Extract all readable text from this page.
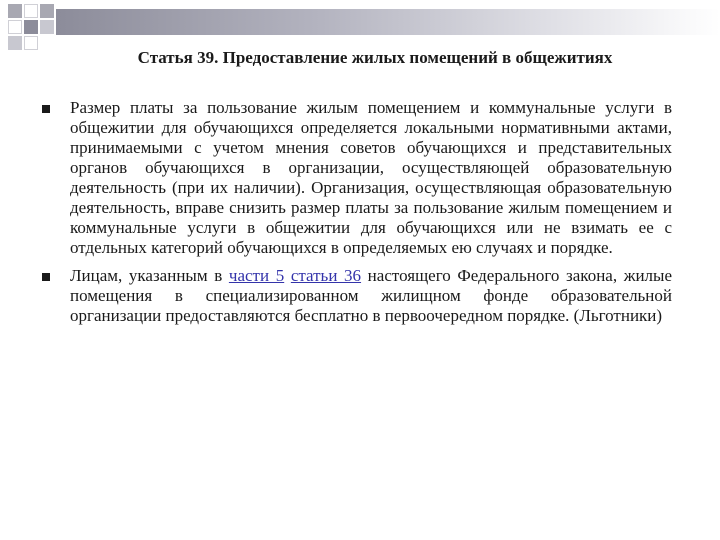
Статья 39. Предоставление жилых помещений в общежитиях
Размер платы за пользование жилым помещением и коммунальные услуги в общежитии для обучающихся определяется локальными нормативными актами, принимаемыми с учетом мнения советов обучающихся и представительных органов обучающихся в организации, осуществляющей образовательную деятельность (при их наличии). Организация, осуществляющая образовательную деятельность, вправе снизить размер платы за пользование жилым помещением и коммунальные услуги в общежитии для обучающихся или не взимать ее с отдельных категорий обучающихся в определяемых ею случаях и порядке.
Лицам, указанным в части 5 статьи 36 настоящего Федерального закона, жилые помещения в специализированном жилищном фонде образовательной организации предоставляются бесплатно в первоочередном порядке. (Льготники)
